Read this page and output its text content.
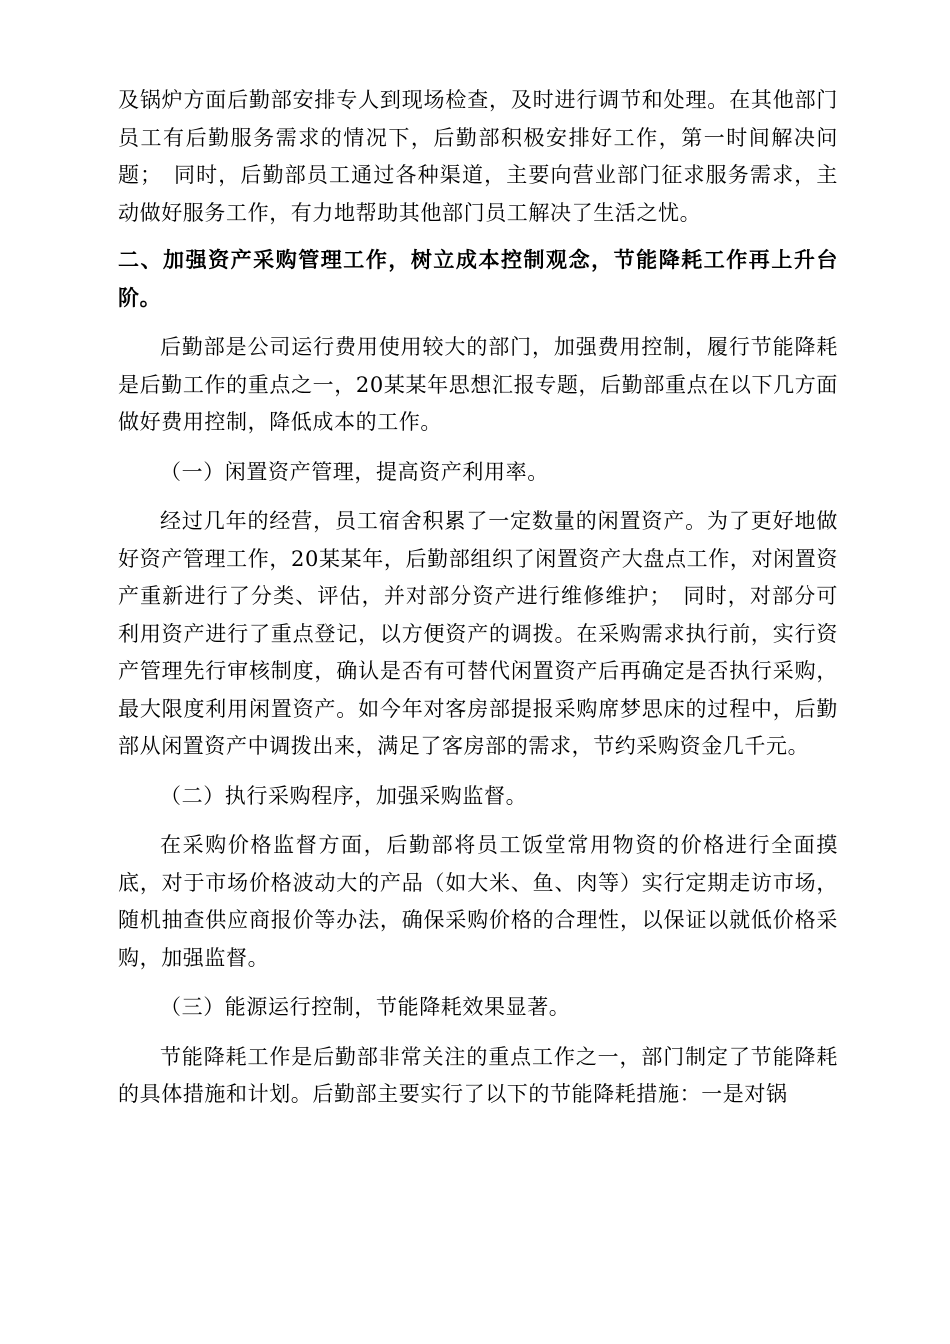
及锅炉方面后勤部安排专人到现场检查，及时进行调节和处理。在其他部门员工有后勤服务需求的情况下，后勤部积极安排好工作，第一时间解决问题；　同时，后勤部员工通过各种渠道，主要向营业部门征求服务需求，主动做好服务工作，有力地帮助其他部门员工解决了生活之忧。

二、加强资产采购管理工作，树立成本控制观念，节能降耗工作再上升台阶。

后勤部是公司运行费用使用较大的部门，加强费用控制，履行节能降耗是后勤工作的重点之一，20某某年思想汇报专题，后勤部重点在以下几方面做好费用控制，降低成本的工作。

（一）闲置资产管理，提高资产利用率。

经过几年的经营，员工宿舍积累了一定数量的闲置资产。为了更好地做好资产管理工作，20某某年，后勤部组织了闲置资产大盘点工作，对闲置资产重新进行了分类、评估，并对部分资产进行维修维护；　同时，对部分可利用资产进行了重点登记，以方便资产的调拨。在采购需求执行前，实行资产管理先行审核制度，确认是否有可替代闲置资产后再确定是否执行采购，最大限度利用闲置资产。如今年对客房部提报采购席梦思床的过程中，后勤部从闲置资产中调拨出来，满足了客房部的需求，节约采购资金几千元。

（二）执行采购程序，加强采购监督。

在采购价格监督方面，后勤部将员工饭堂常用物资的价格进行全面摸底，对于市场价格波动大的产品（如大米、鱼、肉等）实行定期走访市场，随机抽查供应商报价等办法，确保采购价格的合理性，以保证以就低价格采购，加强监督。

（三）能源运行控制，节能降耗效果显著。

节能降耗工作是后勤部非常关注的重点工作之一，部门制定了节能降耗的具体措施和计划。后勤部主要实行了以下的节能降耗措施：一是对锅
